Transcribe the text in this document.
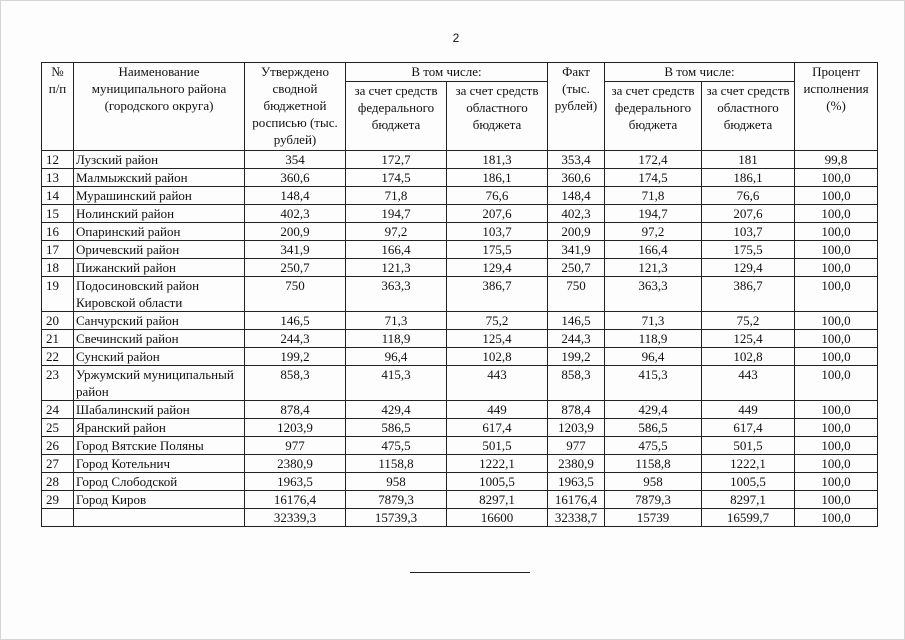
2
№ п/п	Наименование муниципального района (городского округа)	Утверждено сводной бюджетной росписью (тыс. рублей)	В том числе:		Факт (тыс. рублей)	В том числе:		Процент исполнения (%)
			за счет средств федерального бюджета	за счет средств областного бюджета		за счет средств федерального бюджета	за счет средств областного бюджета	
12	Лузский район	354	172,7	181,3	353,4	172,4	181	99,8
13	Малмыжский район	360,6	174,5	186,1	360,6	174,5	186,1	100,0
14	Мурашинский район	148,4	71,8	76,6	148,4	71,8	76,6	100,0
15	Нолинский район	402,3	194,7	207,6	402,3	194,7	207,6	100,0
16	Опаринский район	200,9	97,2	103,7	200,9	97,2	103,7	100,0
17	Оричевский район	341,9	166,4	175,5	341,9	166,4	175,5	100,0
18	Пижанский район	250,7	121,3	129,4	250,7	121,3	129,4	100,0
19	Подосиновский район Кировской области	750	363,3	386,7	750	363,3	386,7	100,0
20	Санчурский район	146,5	71,3	75,2	146,5	71,3	75,2	100,0
21	Свечинский район	244,3	118,9	125,4	244,3	118,9	125,4	100,0
22	Сунский район	199,2	96,4	102,8	199,2	96,4	102,8	100,0
23	Уржумский муниципальный район	858,3	415,3	443	858,3	415,3	443	100,0
24	Шабалинский район	878,4	429,4	449	878,4	429,4	449	100,0
25	Яранский район	1203,9	586,5	617,4	1203,9	586,5	617,4	100,0
26	Город Вятские Поляны	977	475,5	501,5	977	475,5	501,5	100,0
27	Город Котельнич	2380,9	1158,8	1222,1	2380,9	1158,8	1222,1	100,0
28	Город Слободской	1963,5	958	1005,5	1963,5	958	1005,5	100,0
29	Город Киров	16176,4	7879,3	8297,1	16176,4	7879,3	8297,1	100,0
		32339,3	15739,3	16600	32338,7	15739	16599,7	100,0
